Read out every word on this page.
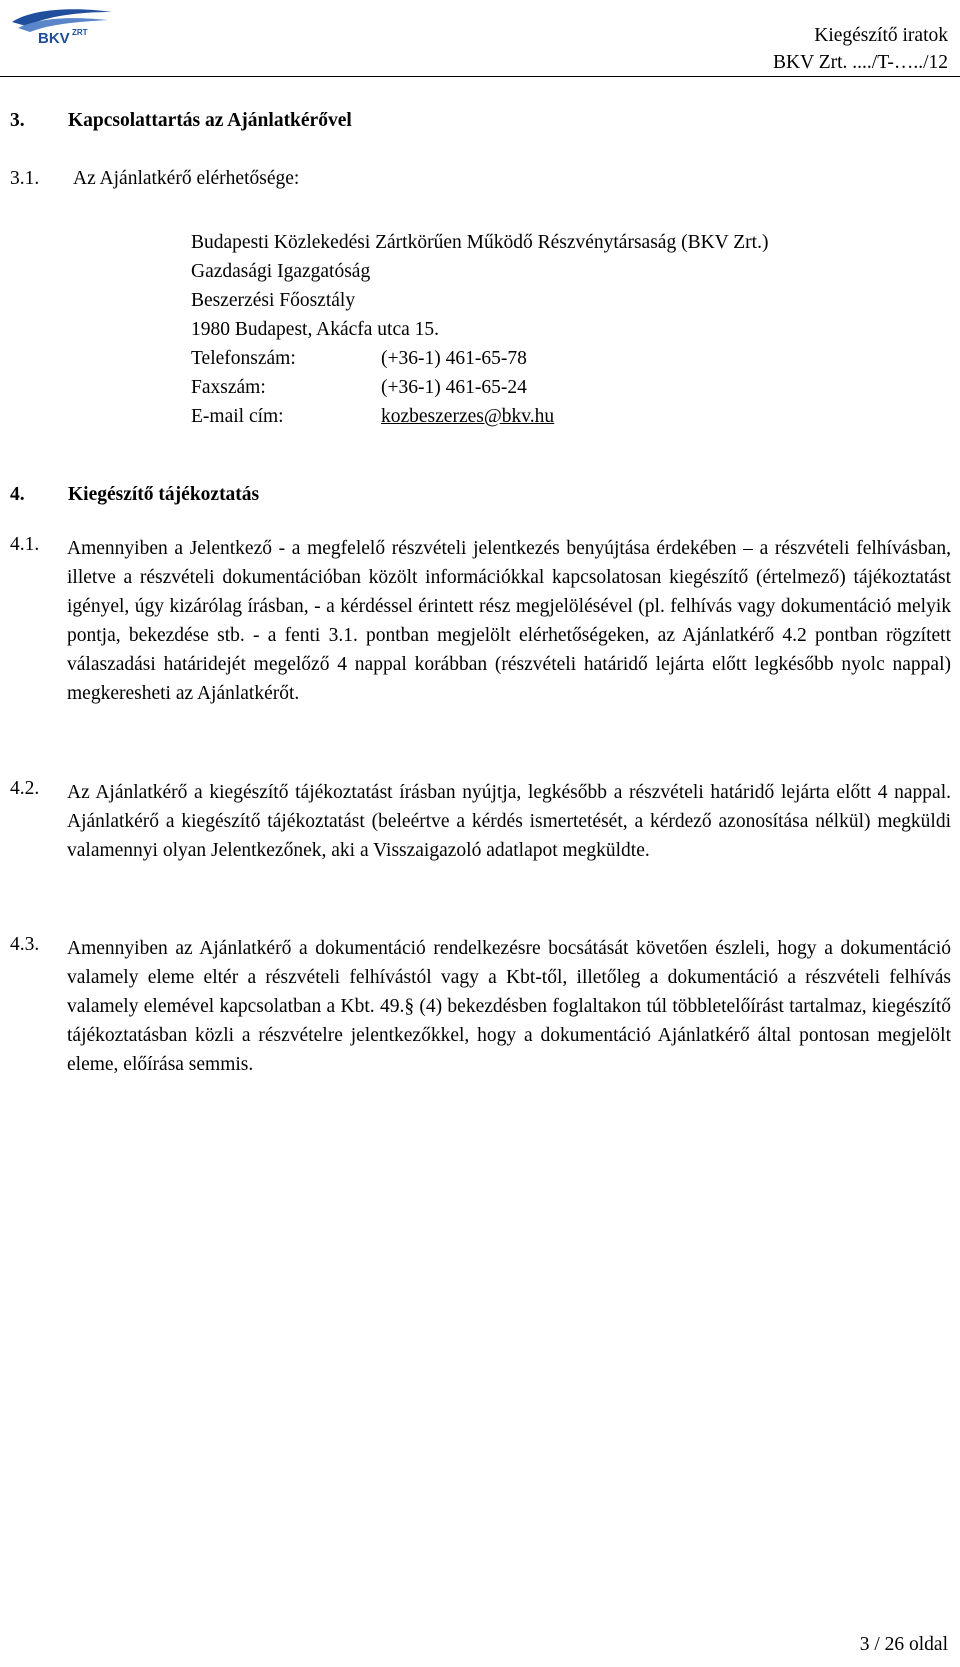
BKV ZRT	Kiegészítő iratok
BKV Zrt. ..../T-…../12
3. Kapcsolattartás az Ajánlatkérővel
3.1. Az Ajánlatkérő elérhetősége:
Budapesti Közlekedési Zártkörűen Működő Részvénytársaság (BKV Zrt.)
Gazdasági Igazgatóság
Beszerzési Főosztály
1980 Budapest, Akácfa utca 15.
Telefonszám:	(+36-1) 461-65-78
Faxszám:	(+36-1) 461-65-24
E-mail cím:	kozbeszerzes@bkv.hu
4. Kiegészítő tájékoztatás
4.1.	Amennyiben a Jelentkező - a megfelelő részvételi jelentkezés benyújtása érdekében – a részvételi felhívásban, illetve a részvételi dokumentációban közölt információkkal kapcsolatosan kiegészítő (értelmező) tájékoztatást igényel, úgy kizárólag írásban, - a kérdéssel érintett rész megjelölésével (pl. felhívás vagy dokumentáció melyik pontja, bekezdése stb. - a fenti 3.1. pontban megjelölt elérhetőségeken, az Ajánlatkérő 4.2 pontban rögzített válaszadási határidejét megelőző 4 nappal korábban (részvételi határidő lejárta előtt legkésőbb nyolc nappal) megkeresheti az Ajánlatkérőt.
4.2.	Az Ajánlatkérő a kiegészítő tájékoztatást írásban nyújtja, legkésőbb a részvételi határidő lejárta előtt 4 nappal. Ajánlatkérő a kiegészítő tájékoztatást (beleértve a kérdés ismertetését, a kérdező azonosítása nélkül) megküldi valamennyi olyan Jelentkezőnek, aki a Visszaigazoló adatlapot megküldte.
4.3.	Amennyiben az Ajánlatkérő a dokumentáció rendelkezésre bocsátását követően észleli, hogy a dokumentáció valamely eleme eltér a részvételi felhívástól vagy a Kbt-től, illetőleg a dokumentáció a részvételi felhívás valamely elemével kapcsolatban a Kbt. 49.§ (4) bekezdésben foglaltakon túl többletelőírást tartalmaz, kiegészítő tájékoztatásban közli a részvételre jelentkezőkkel, hogy a dokumentáció Ajánlatkérő által pontosan megjelölt eleme, előírása semmis.
3 / 26 oldal
